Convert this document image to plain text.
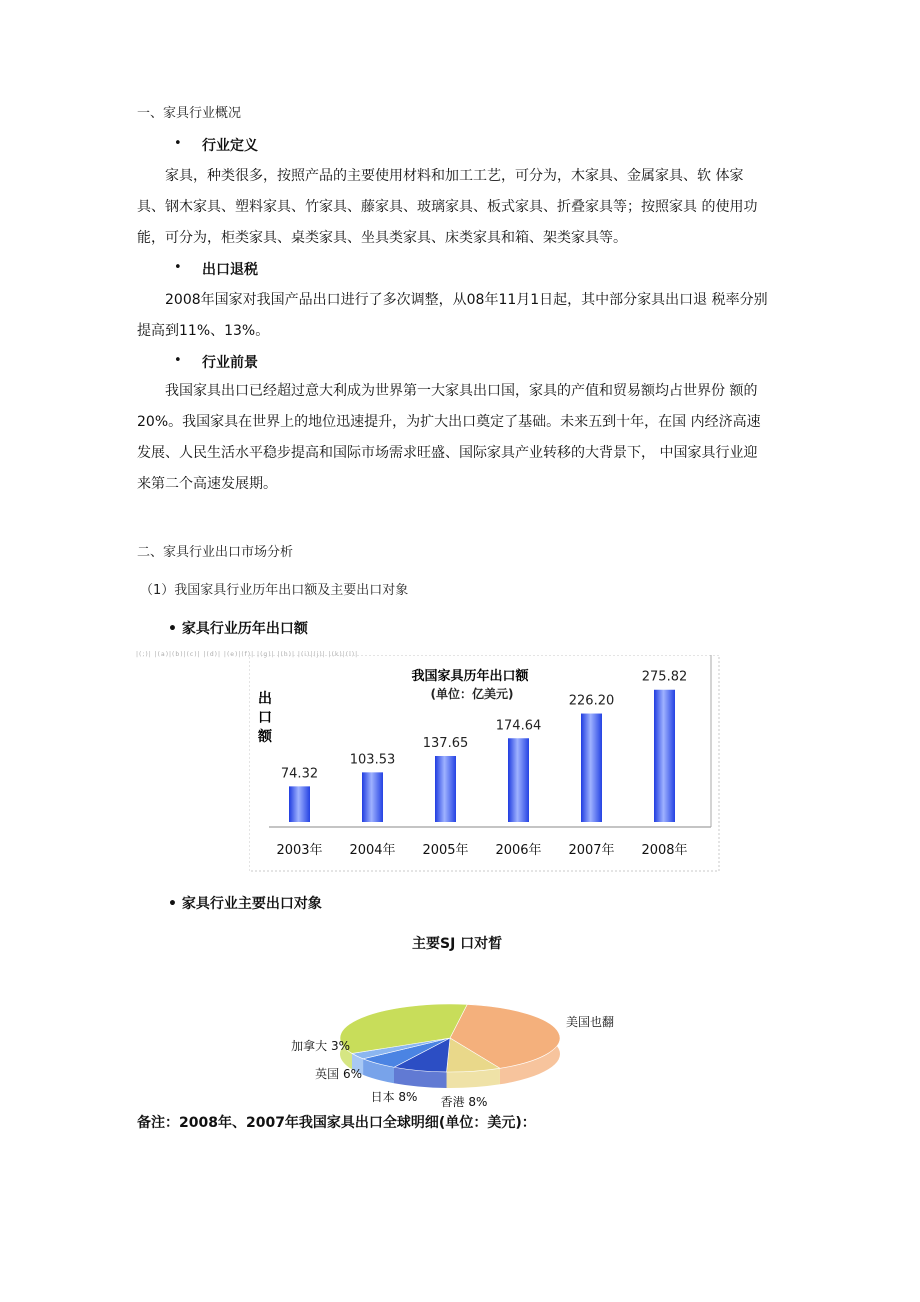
一、家具行业概况
• 行业定义
家具，种类很多，按照产品的主要使用材料和加工工艺，可分为，木家具、金属家具、软 体家
具、钢木家具、塑料家具、竹家具、藤家具、玻璃家具、板式家具、折叠家具等；按照家具 的使用功
能，可分为，柜类家具、桌类家具、坐具类家具、床类家具和箱、架类家具等。
• 出口退税
2008年国家对我国产品出口进行了多次调整，从08年11月1日起，其中部分家具出口退 税率分别
提高到11%、13%。
• 行业前景
我国家具出口已经超过意大利成为世界第一大家具出口国，家具的产值和贸易额均占世界份 额的
20%。我国家具在世界上的地位迅速提升，为扩大出口奠定了基础。未来五到十年，在国 内经济高速
发展、人民生活水平稳步提高和国际市场需求旺盛、国际家具产业转移的大背景下， 中国家具行业迎
来第二个高速发展期。
二、家具行业出口市场分析
（1）我国家具行业历年出口额及主要出口对象
• 家具行业历年出口额
|(;)| |(a)|(b)|(c)| |(d)| |(e)|(f)| |(g)| |(h)| |(i)|(j)| |(k)|(l)|
我国家具历年出口额
(单位：亿美元)
出
口
额
74.32
2003年
103.53
2004年
137.65
2005年
174.64
2006年
226.20
2007年
275.82
2008年
• 家具行业主要出口对象
主要SJ 口对晳
美国也翻
香港 8%
日本 8%
英国 6%
加拿大 3%
备注：2008年、2007年我国家具出口全球明细(单位：美元)：
